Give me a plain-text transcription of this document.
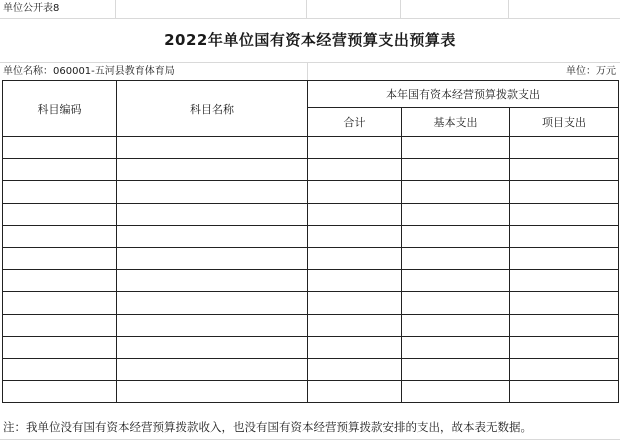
单位公开表8
2022年单位国有资本经营预算支出预算表
单位名称：060001-五河县教育体育局	单位：万元
科目编码	科目名称	本年国有资本经营预算拨款支出		
		合计	基本支出	项目支出

注：我单位没有国有资本经营预算拨款收入，也没有国有资本经营预算拨款安排的支出，故本表无数据。
